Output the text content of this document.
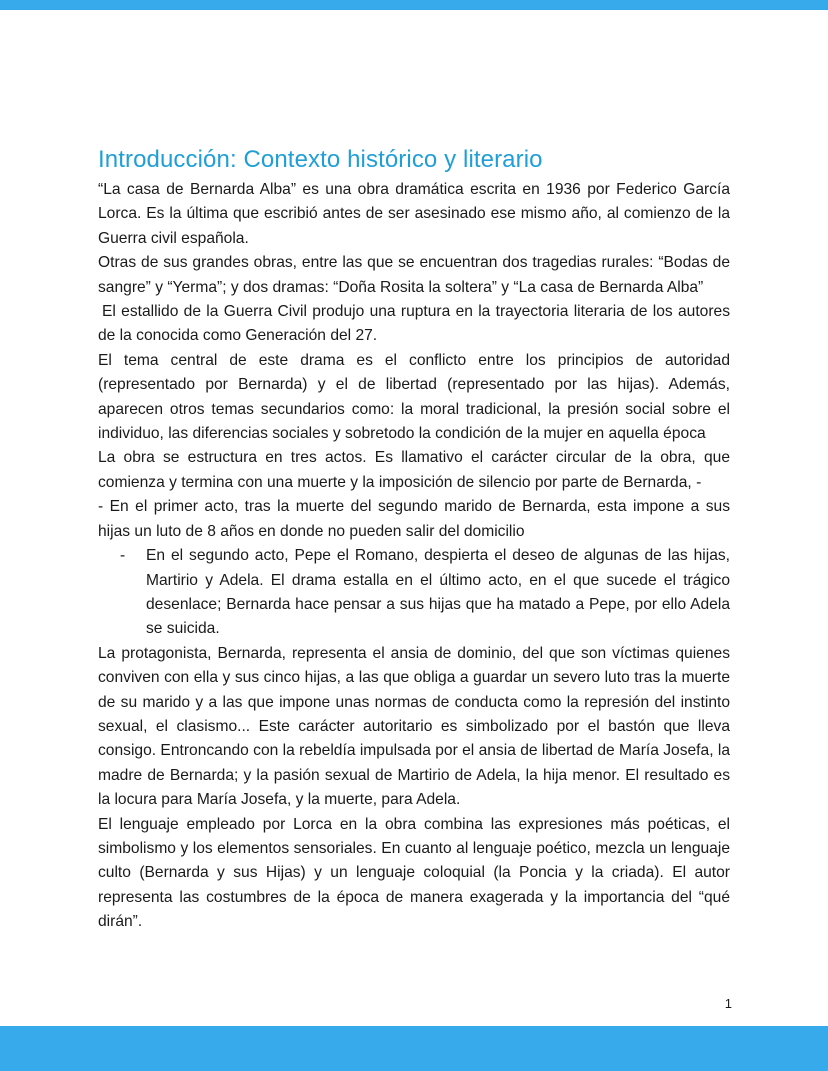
Introducción: Contexto histórico y literario

“La casa de Bernarda Alba” es una obra dramática escrita en 1936 por Federico García Lorca. Es la última que escribió antes de ser asesinado ese mismo año, al comienzo de la Guerra civil española.

Otras de sus grandes obras, entre las que se encuentran dos tragedias rurales: “Bodas de sangre” y “Yerma”; y dos dramas: “Doña Rosita la soltera” y “La casa de Bernarda Alba”

El estallido de la Guerra Civil produjo una ruptura en la trayectoria literaria de los autores de la conocida como Generación del 27.

El tema central de este drama es el conflicto entre los principios de autoridad (representado por Bernarda) y el de libertad (representado por las hijas). Además, aparecen otros temas secundarios como: la moral tradicional, la presión social sobre el individuo, las diferencias sociales y sobretodo la condición de la mujer en aquella época

La obra se estructura en tres actos. Es llamativo el carácter circular de la obra, que comienza y termina con una muerte y la imposición de silencio por parte de Bernarda, -

- En el primer acto, tras la muerte del segundo marido de Bernarda, esta impone a sus hijas un luto de 8 años en donde no pueden salir del domicilio

- En el segundo acto, Pepe el Romano, despierta el deseo de algunas de las hijas, Martirio y Adela. El drama estalla en el último acto, en el que sucede el trágico desenlace; Bernarda hace pensar a sus hijas que ha matado a Pepe, por ello Adela se suicida.

La protagonista, Bernarda, representa el ansia de dominio, del que son víctimas quienes conviven con ella y sus cinco hijas, a las que obliga a guardar un severo luto tras la muerte de su marido y a las que impone unas normas de conducta como la represión del instinto sexual, el clasismo... Este carácter autoritario es simbolizado por el bastón que lleva consigo. Entroncando con la rebeldía impulsada por el ansia de libertad de María Josefa, la madre de Bernarda; y la pasión sexual de Martirio de Adela, la hija menor. El resultado es la locura para María Josefa, y la muerte, para Adela.

El lenguaje empleado por Lorca en la obra combina las expresiones más poéticas, el simbolismo y los elementos sensoriales. En cuanto al lenguaje poético, mezcla un lenguaje culto (Bernarda y sus Hijas) y un lenguaje coloquial (la Poncia y la criada). El autor representa las costumbres de la época de manera exagerada y la importancia del “qué dirán”.

1
